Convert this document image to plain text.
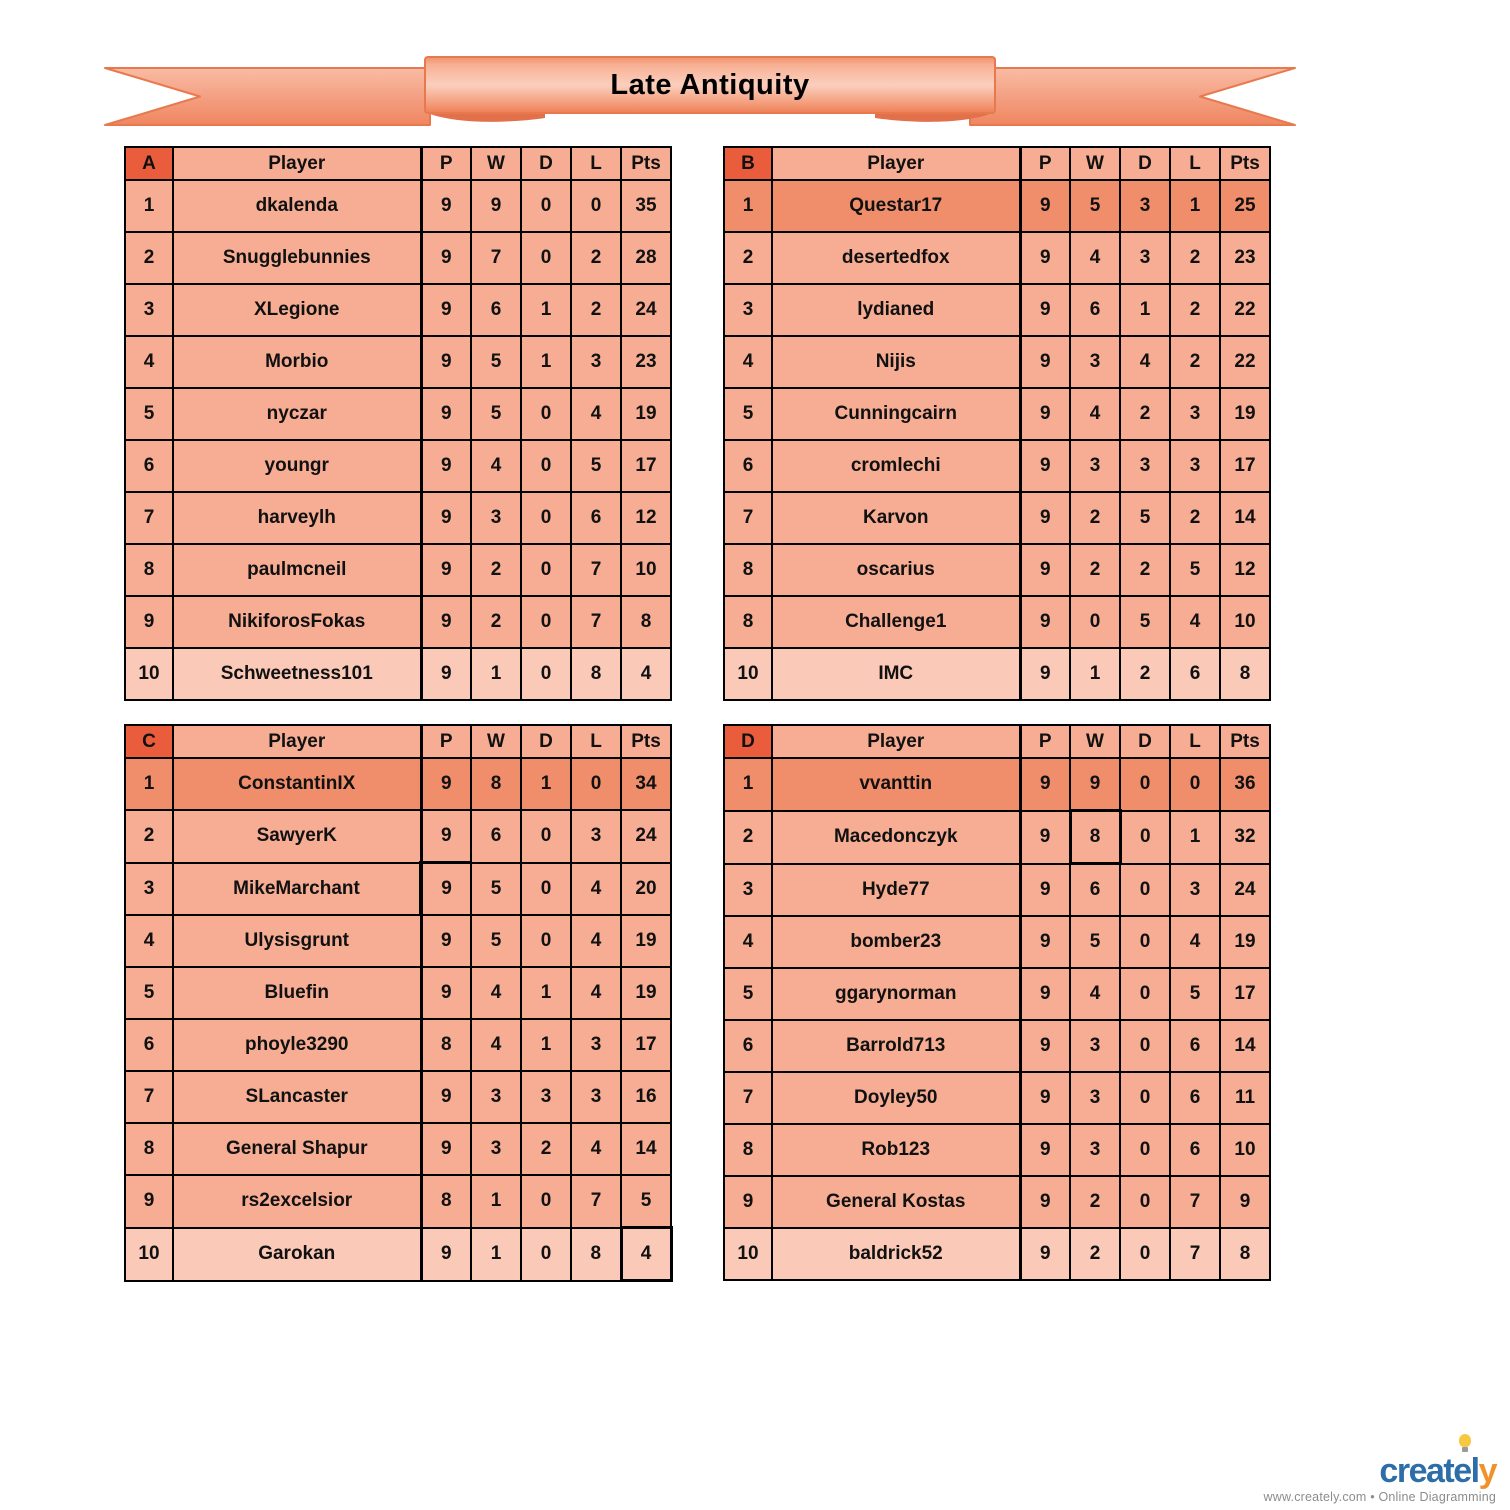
Late Antiquity
A	Player	P	W	D	L	Pts
1	dkalenda	9	9	0	0	35
2	Snugglebunnies	9	7	0	2	28
3	XLegione	9	6	1	2	24
4	Morbio	9	5	1	3	23
5	nyczar	9	5	0	4	19
6	youngr	9	4	0	5	17
7	harveylh	9	3	0	6	12
8	paulmcneil	9	2	0	7	10
9	NikiforosFokas	9	2	0	7	8
10	Schweetness101	9	1	0	8	4
B	Player	P	W	D	L	Pts
1	Questar17	9	5	3	1	25
2	desertedfox	9	4	3	2	23
3	lydianed	9	6	1	2	22
4	Nijis	9	3	4	2	22
5	Cunningcairn	9	4	2	3	19
6	cromlechi	9	3	3	3	17
7	Karvon	9	2	5	2	14
8	oscarius	9	2	2	5	12
8	Challenge1	9	0	5	4	10
10	IMC	9	1	2	6	8
C	Player	P	W	D	L	Pts
1	ConstantinIX	9	8	1	0	34
2	SawyerK	9	6	0	3	24
3	MikeMarchant	9	5	0	4	20
4	Ulysisgrunt	9	5	0	4	19
5	Bluefin	9	4	1	4	19
6	phoyle3290	8	4	1	3	17
7	SLancaster	9	3	3	3	16
8	General Shapur	9	3	2	4	14
9	rs2excelsior	8	1	0	7	5
10	Garokan	9	1	0	8	4
D	Player	P	W	D	L	Pts
1	vvanttin	9	9	0	0	36
2	Macedonczyk	9	8	0	1	32
3	Hyde77	9	6	0	3	24
4	bomber23	9	5	0	4	19
5	ggarynorman	9	4	0	5	17
6	Barrold713	9	3	0	6	14
7	Doyley50	9	3	0	6	11
8	Rob123	9	3	0	6	10
9	General Kostas	9	2	0	7	9
10	baldrick52	9	2	0	7	8
creately
www.creately.com • Online Diagramming
